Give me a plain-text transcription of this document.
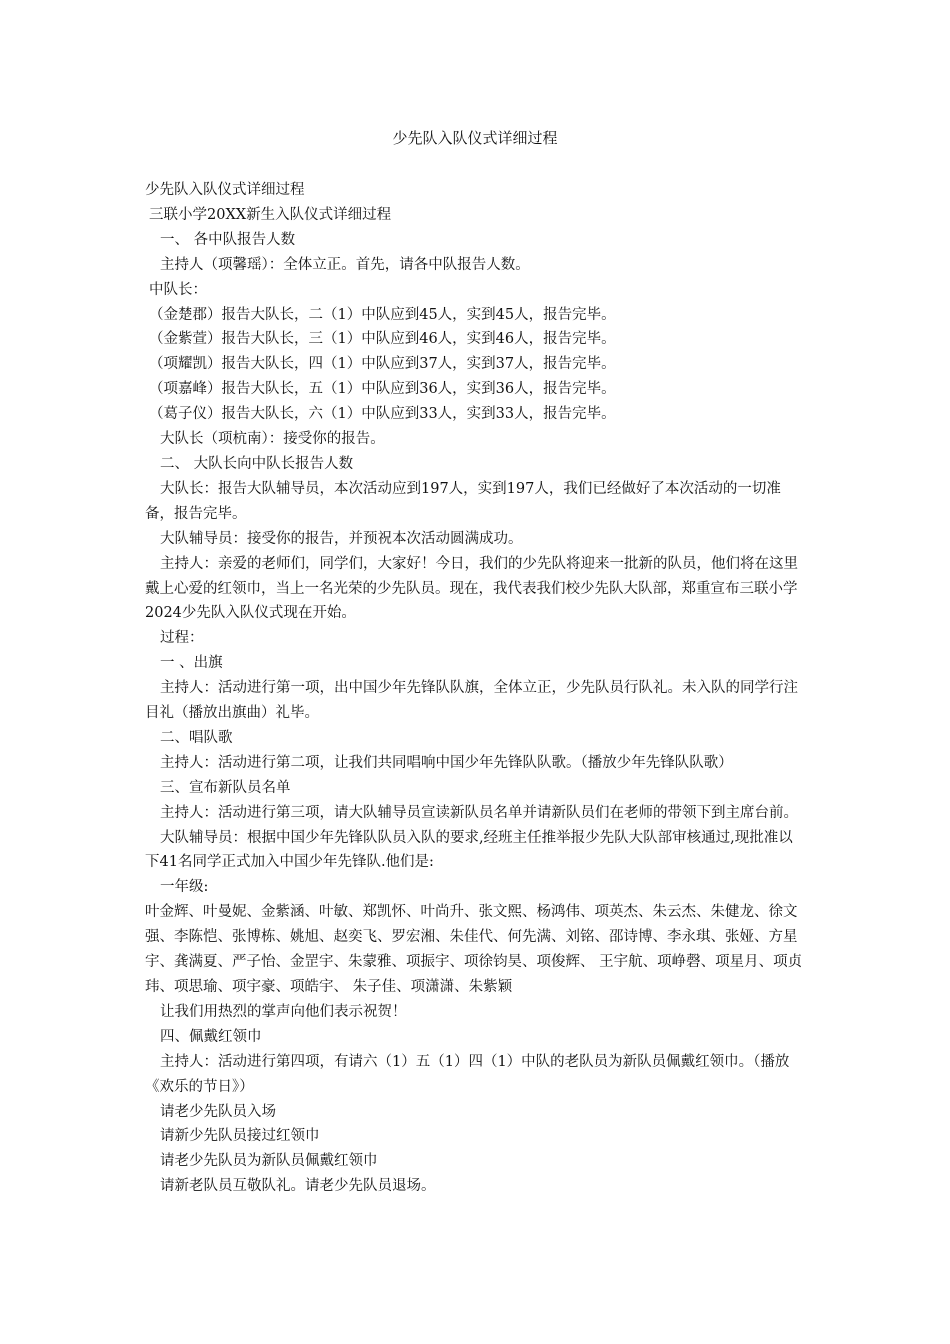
少先队入队仪式详细过程

少先队入队仪式详细过程

三联小学20XX新生入队仪式详细过程

一、 各中队报告人数

主持人（项馨瑶）：全体立正。首先，请各中队报告人数。

中队长：

（金楚郡）报告大队长，二（1）中队应到45人，实到45人，报告完毕。

（金紫萱）报告大队长，三（1）中队应到46人，实到46人，报告完毕。

（项耀凯）报告大队长，四（1）中队应到37人，实到37人，报告完毕。

（项嘉峰）报告大队长，五（1）中队应到36人，实到36人，报告完毕。

（葛子仪）报告大队长，六（1）中队应到33人，实到33人，报告完毕。

大队长（项杭南）：接受你的报告。

二、 大队长向中队长报告人数

大队长：报告大队辅导员，本次活动应到197人，实到197人，我们已经做好了本次活动的一切准备，报告完毕。

大队辅导员：接受你的报告，并预祝本次活动圆满成功。

主持人：亲爱的老师们，同学们，大家好！今日，我们的少先队将迎来一批新的队员，他们将在这里戴上心爱的红领巾，当上一名光荣的少先队员。现在，我代表我们校少先队大队部，郑重宣布三联小学2024少先队入队仪式现在开始。

过程：

一 、出旗

主持人：活动进行第一项，出中国少年先锋队队旗，全体立正，少先队员行队礼。未入队的同学行注目礼（播放出旗曲）礼毕。

二、唱队歌

主持人：活动进行第二项，让我们共同唱响中国少年先锋队队歌。（播放少年先锋队队歌）

三、宣布新队员名单

主持人：活动进行第三项，请大队辅导员宣读新队员名单并请新队员们在老师的带领下到主席台前。

大队辅导员：根据中国少年先锋队队员入队的要求,经班主任推举报少先队大队部审核通过,现批准以下41名同学正式加入中国少年先锋队.他们是:

一年级:

叶金辉、叶曼妮、金紫涵、叶敏、郑凯怀、叶尚升、张文熙、杨鸿伟、项英杰、朱云杰、朱健龙、徐文强、李陈恺、张博栋、姚旭、赵奕飞、罗宏湘、朱佳代、何先满、刘铭、邵诗博、李永琪、张娅、方星宇、龚满夏、严子怡、金罡宇、朱蒙雅、项振宇、项徐钧昊、项俊辉、 王宇航、项峥磬、项星月、项贞玮、项思瑜、项宇豪、项皓宇、 朱子佳、项潇潇、朱紫颖

让我们用热烈的掌声向他们表示祝贺！

四、佩戴红领巾

主持人：活动进行第四项，有请六（1）五（1）四（1）中队的老队员为新队员佩戴红领巾。（播放《欢乐的节日》）

请老少先队员入场

请新少先队员接过红领巾

请老少先队员为新队员佩戴红领巾

请新老队员互敬队礼。请老少先队员退场。
